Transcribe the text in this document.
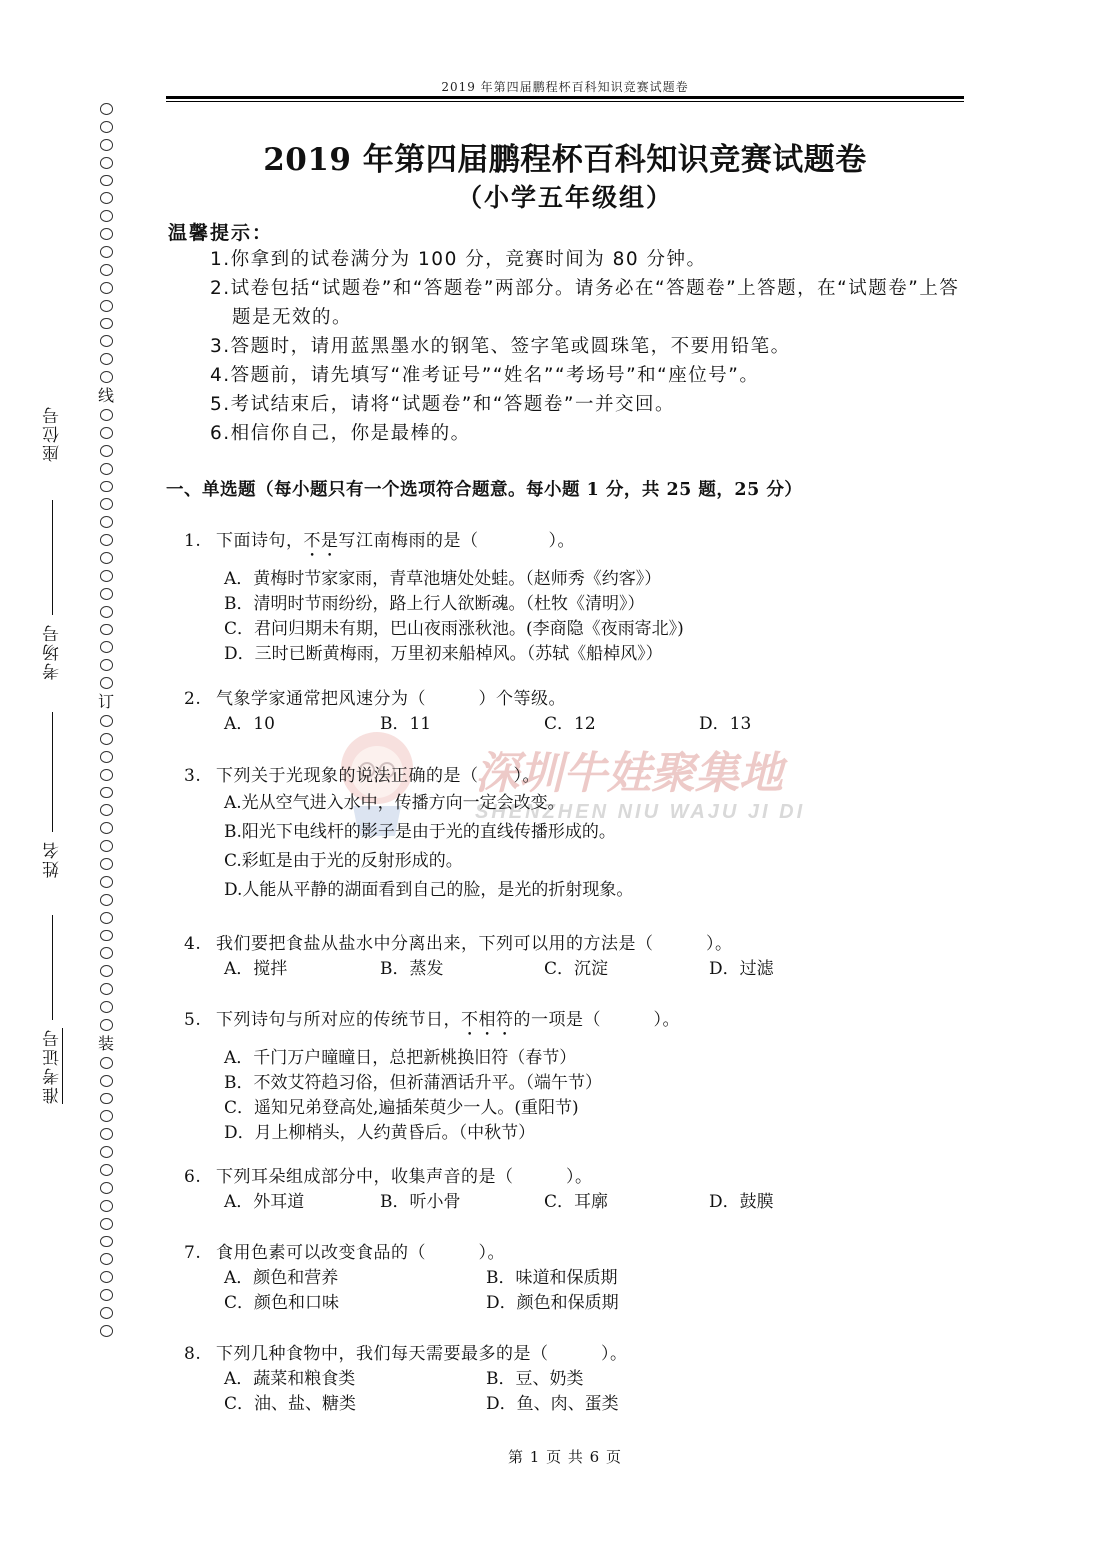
2019 年第四届鹏程杯百科知识竞赛试题卷
线
订
装
座位号
考场号
姓名
准考证号
2019 年第四届鹏程杯百科知识竞赛试题卷
（小学五年级组）
温馨提示：
1.你拿到的试卷满分为 100 分，竞赛时间为 80 分钟。
2.试卷包括“试题卷”和“答题卷”两部分。请务必在“答题卷”上答题，在“试题卷”上答题是无效的。
3.答题时，请用蓝黑墨水的钢笔、签字笔或圆珠笔，不要用铅笔。
4.答题前，请先填写“准考证号”“姓名”“考场号”和“座位号”。
5.考试结束后，请将“试题卷”和“答题卷”一并交回。
6.相信你自己，你是最棒的。
一、单选题（每小题只有一个选项符合题意。每小题 1 分，共 25 题，25 分）
深圳牛娃聚集地
SHENZHEN NIU WAJU JI DI
1. 下面诗句，不是写江南梅雨的是（　　　　）。
A．黄梅时节家家雨，青草池塘处处蛙。（赵师秀《约客》）
B．清明时节雨纷纷，路上行人欲断魂。（杜牧《清明》）
C．君问归期未有期，巴山夜雨涨秋池。(李商隐《夜雨寄北》)
D．三时已断黄梅雨，万里初来船棹风。（苏轼《船棹风》）
2. 气象学家通常把风速分为（　　　）个等级。
A．10	B．11	C．12	D．13
3. 下列关于光现象的说法正确的是（　　）。
A.光从空气进入水中，传播方向一定会改变。
B.阳光下电线杆的影子是由于光的直线传播形成的。
C.彩虹是由于光的反射形成的。
D.人能从平静的湖面看到自己的脸，是光的折射现象。
4. 我们要把食盐从盐水中分离出来，下列可以用的方法是（　　　）。
A．搅拌	B．蒸发	C．沉淀	D．过滤
5. 下列诗句与所对应的传统节日，不相符的一项是（　　　）。
A．千门万户曈曈日，总把新桃换旧符（春节）
B．不效艾符趋习俗，但祈蒲酒话升平。（端午节）
C．遥知兄弟登高处,遍插茱萸少一人。(重阳节)
D．月上柳梢头，人约黄昏后。（中秋节）
6. 下列耳朵组成部分中，收集声音的是（　　　）。
A．外耳道	B．听小骨	C．耳廓	D．鼓膜
7. 食用色素可以改变食品的（　　　）。
A．颜色和营养	B．味道和保质期
C．颜色和口味	D．颜色和保质期
8. 下列几种食物中，我们每天需要最多的是（　　　）。
A．蔬菜和粮食类	B．豆、奶类
C．油、盐、糖类	D．鱼、肉、蛋类
第 1 页 共 6 页
